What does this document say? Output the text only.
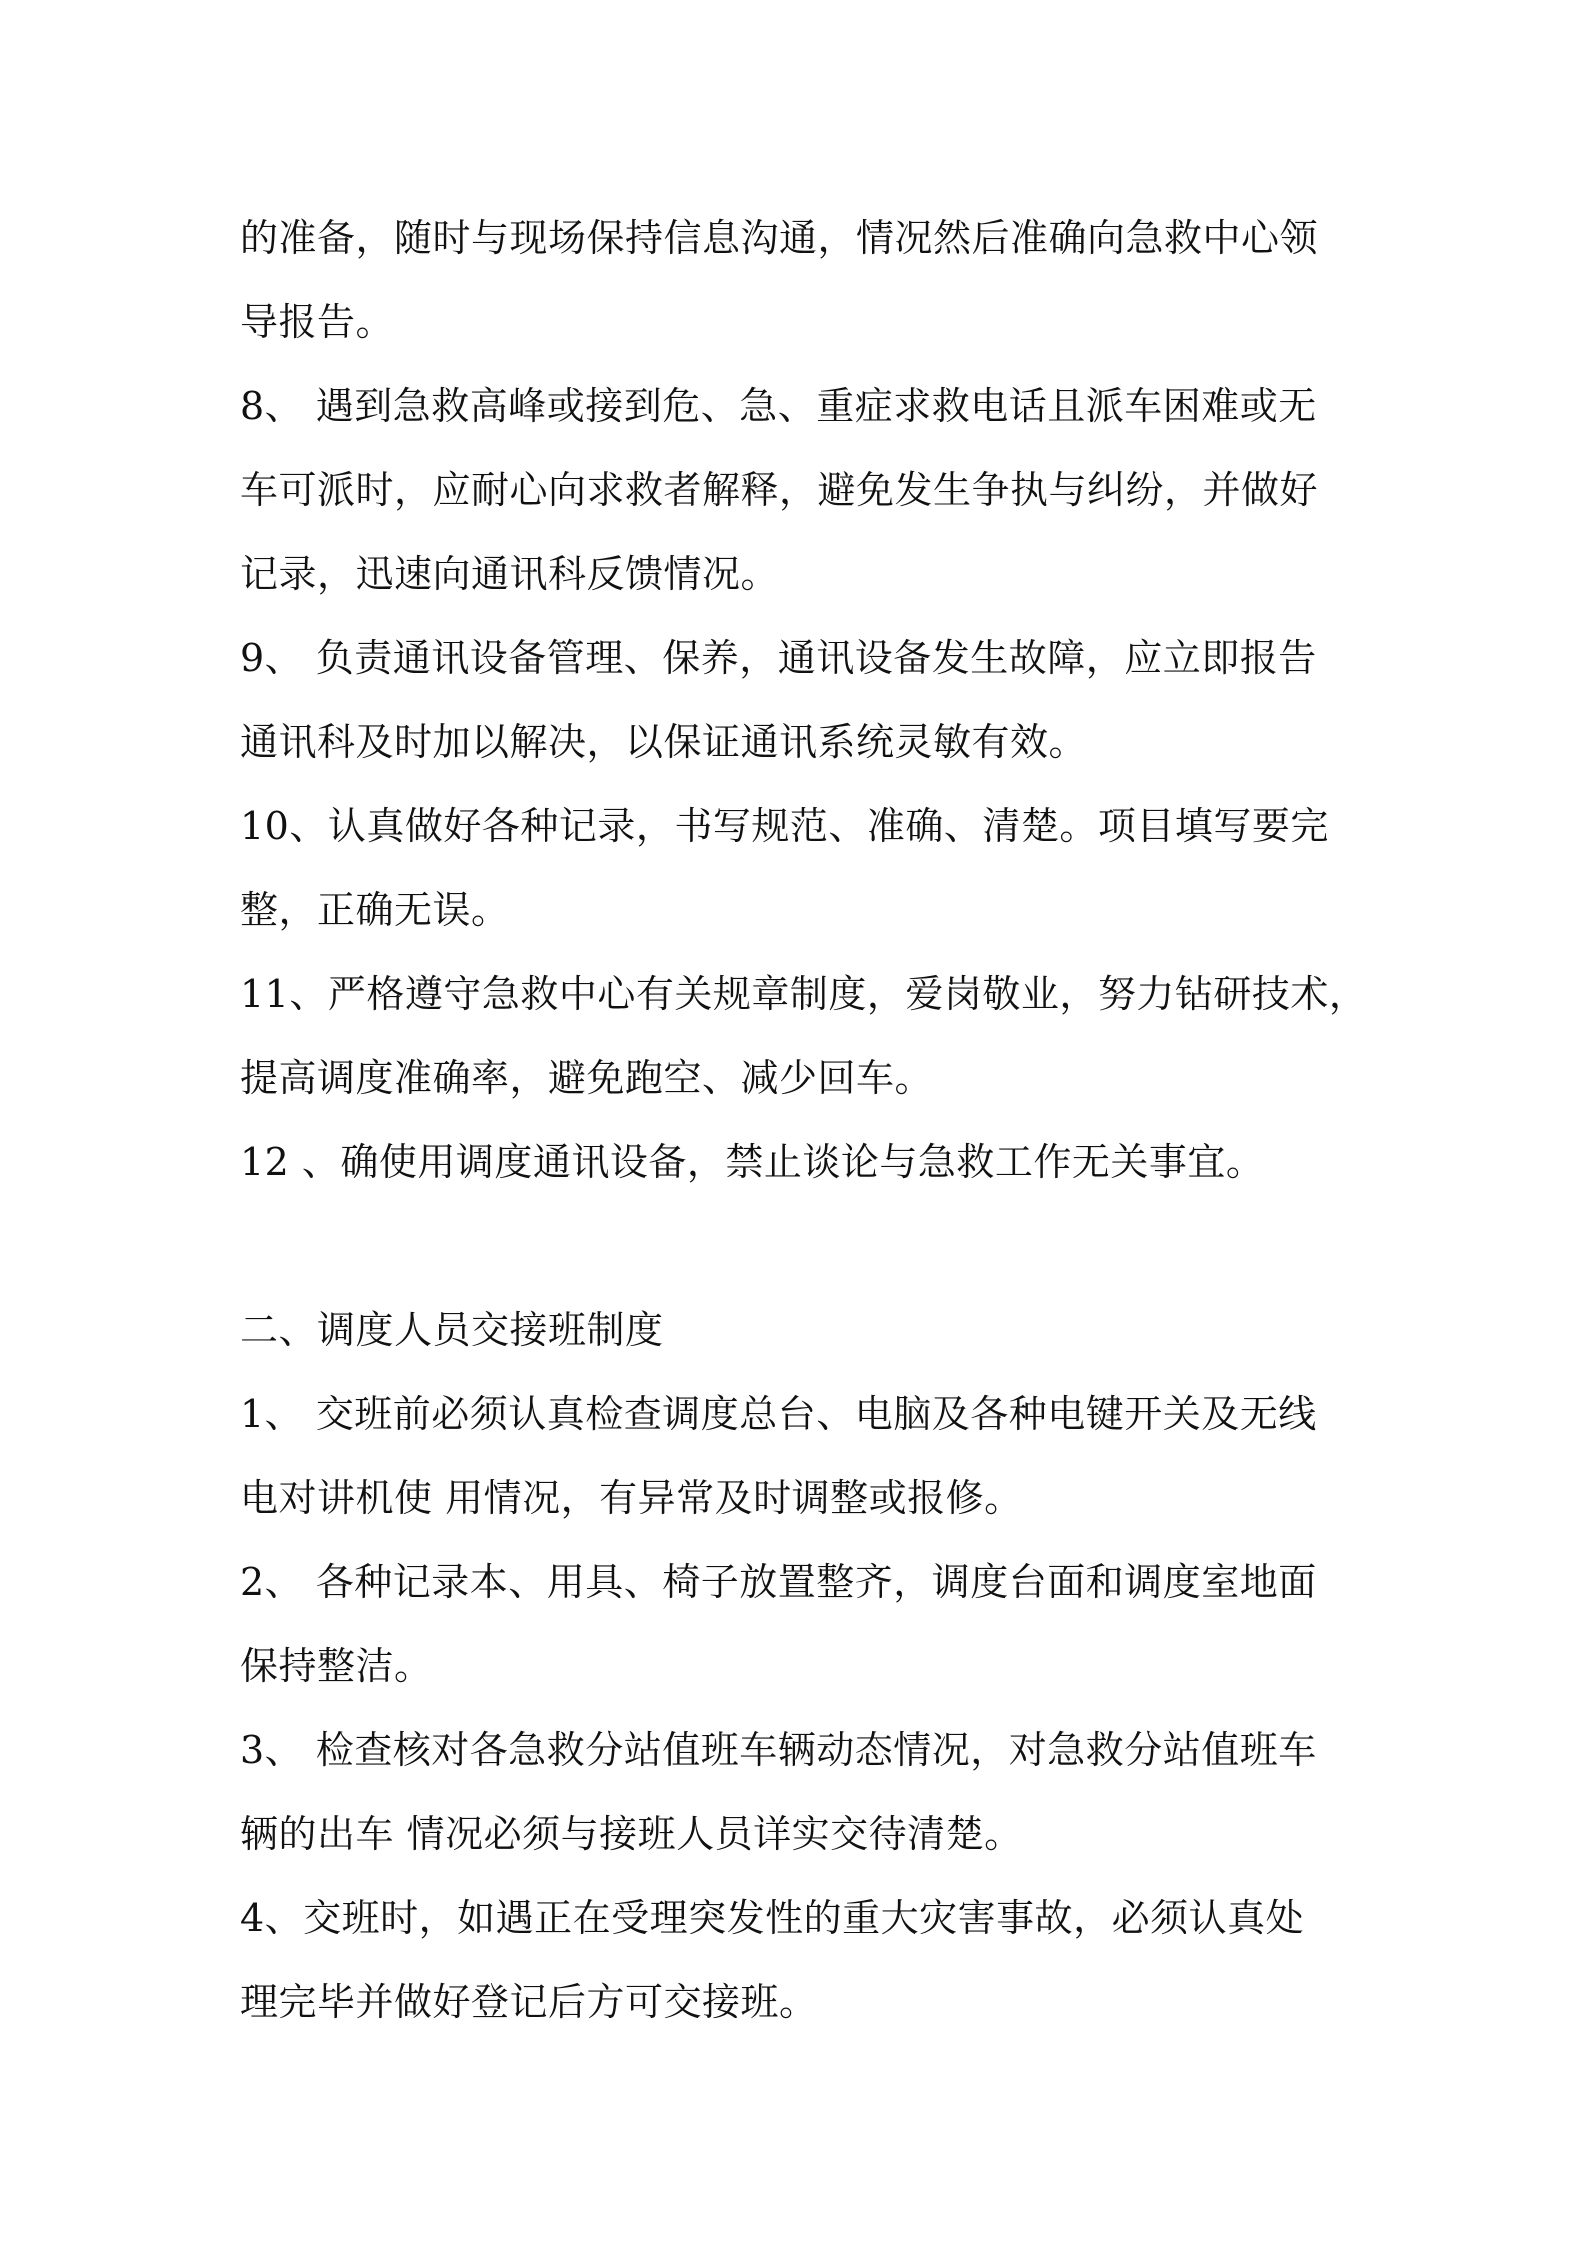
的准备，随时与现场保持信息沟通，情况然后准确向急救中心领
导报告。
8、 遇到急救高峰或接到危、急、重症求救电话且派车困难或无
车可派时，应耐心向求救者解释，避免发生争执与纠纷，并做好
记录，迅速向通讯科反馈情况。
9、 负责通讯设备管理、保养，通讯设备发生故障，应立即报告
通讯科及时加以解决，以保证通讯系统灵敏有效。
10、认真做好各种记录，书写规范、准确、清楚。项目填写要完
整，正确无误。
11、严格遵守急救中心有关规章制度，爱岗敬业，努力钻研技术，
提高调度准确率，避免跑空、减少回车。
12 、确使用调度通讯设备，禁止谈论与急救工作无关事宜。
二、调度人员交接班制度
1、 交班前必须认真检查调度总台、电脑及各种电键开关及无线
电对讲机使 用情况，有异常及时调整或报修。
2、 各种记录本、用具、椅子放置整齐，调度台面和调度室地面
保持整洁。
3、 检查核对各急救分站值班车辆动态情况，对急救分站值班车
辆的出车 情况必须与接班人员详实交待清楚。
4、交班时，如遇正在受理突发性的重大灾害事故，必须认真处
理完毕并做好登记后方可交接班。
